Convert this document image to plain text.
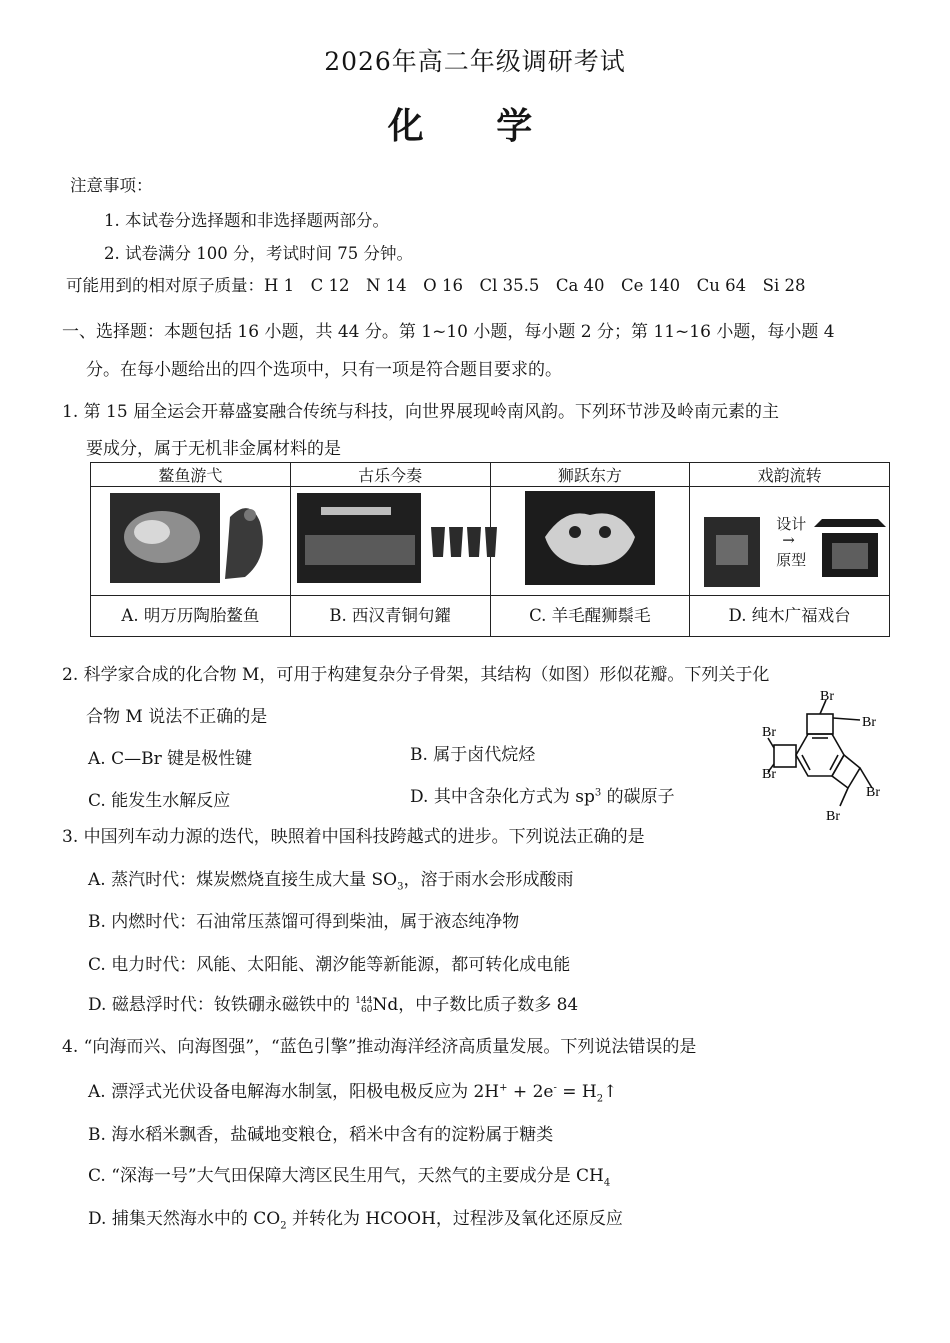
2026年高二年级调研考试
化 学
注意事项：
1. 本试卷分选择题和非选择题两部分。
2. 试卷满分 100 分，考试时间 75 分钟。
可能用到的相对原子质量：H 1　C 12　N 14　O 16　Cl 35.5　Ca 40　Ce 140　Cu 64　Si 28
一、选择题：本题包括 16 小题，共 44 分。第 1~10 小题，每小题 2 分；第 11~16 小题，每小题 4
分。在每小题给出的四个选项中，只有一项是符合题目要求的。
1. 第 15 届全运会开幕盛宴融合传统与科技，向世界展现岭南风韵。下列环节涉及岭南元素的主
要成分，属于无机非金属材料的是
鳌鱼游弋	古乐今奏	狮跃东方	戏韵流转

设计
→
原型

A. 明万历陶胎鳌鱼	B. 西汉青铜句鑃	C. 羊毛醒狮鬃毛	D. 纯木广福戏台
2. 科学家合成的化合物 M，可用于构建复杂分子骨架，其结构（如图）形似花瓣。下列关于化
合物 M 说法不正确的是
A. C—Br 键是极性键	B. 属于卤代烷烃
C. 能发生水解反应	D. 其中含杂化方式为 $sp^3$ 的碳原子
Br
Br
Br
Br
Br
Br
3. 中国列车动力源的迭代，映照着中国科技跨越式的进步。下列说法正确的是
A. 蒸汽时代：煤炭燃烧直接生成大量 $SO_3$，溶于雨水会形成酸雨
B. 内燃时代：石油常压蒸馏可得到柴油，属于液态纯净物
C. 电力时代：风能、太阳能、潮汐能等新能源，都可转化成电能
D. 磁悬浮时代：钕铁硼永磁铁中的 144
60Nd，中子数比质子数多 84
4. “向海而兴、向海图强”，“蓝色引擎”推动海洋经济高质量发展。下列说法错误的是
A. 漂浮式光伏设备电解海水制氢，阳极电极反应为 $2H^+ + 2e^- = H_2↑$
B. 海水稻米飘香，盐碱地变粮仓，稻米中含有的淀粉属于糖类
C. “深海一号”大气田保障大湾区民生用气，天然气的主要成分是 $CH_4$
D. 捕集天然海水中的 $CO_2$ 并转化为 HCOOH，过程涉及氧化还原反应
